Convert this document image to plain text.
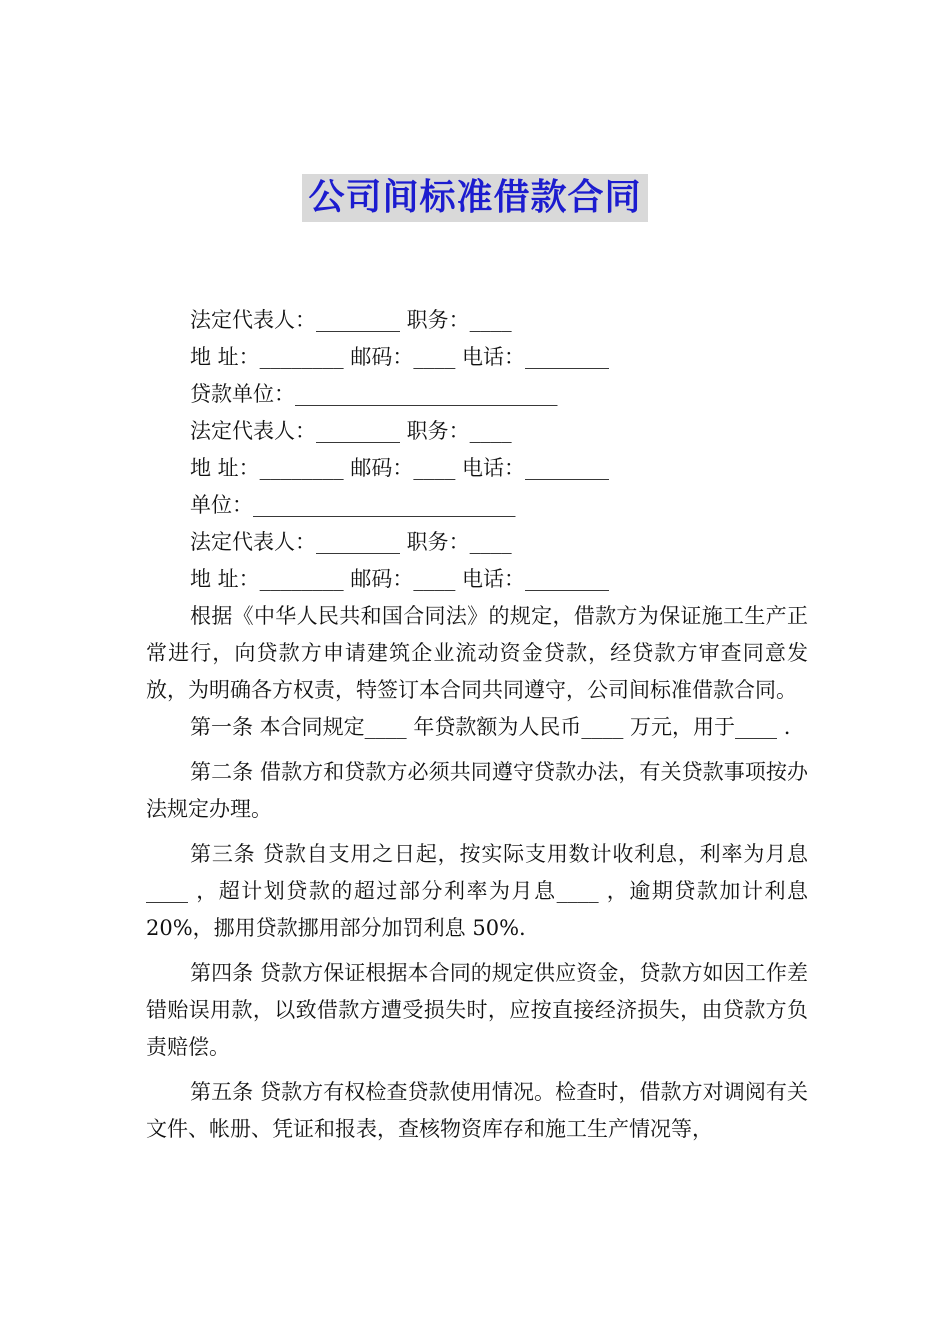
公司间标准借款合同
法定代表人：________ 职务：____
地 址：________ 邮码：____ 电话：________
贷款单位：_________________________
法定代表人：________ 职务：____
地 址：________ 邮码：____ 电话：________
单位：_________________________
法定代表人：________ 职务：____
地 址：________ 邮码：____ 电话：________

根据《中华人民共和国合同法》的规定，借款方为保证施工生产正常进行，向贷款方申请建筑企业流动资金贷款，经贷款方审查同意发放，为明确各方权责，特签订本合同共同遵守，公司间标准借款合同。

第一条 本合同规定____ 年贷款额为人民币____ 万元，用于____ .

第二条 借款方和贷款方必须共同遵守贷款办法，有关贷款事项按办法规定办理。

第三条 贷款自支用之日起，按实际支用数计收利息，利率为月息____ ，超计划贷款的超过部分利率为月息____ ，逾期贷款加计利息 20%，挪用贷款挪用部分加罚利息 50%.

第四条 贷款方保证根据本合同的规定供应资金，贷款方如因工作差错贻误用款，以致借款方遭受损失时，应按直接经济损失，由贷款方负责赔偿。

第五条 贷款方有权检查贷款使用情况。检查时，借款方对调阅有关文件、帐册、凭证和报表，查核物资库存和施工生产情况等，
